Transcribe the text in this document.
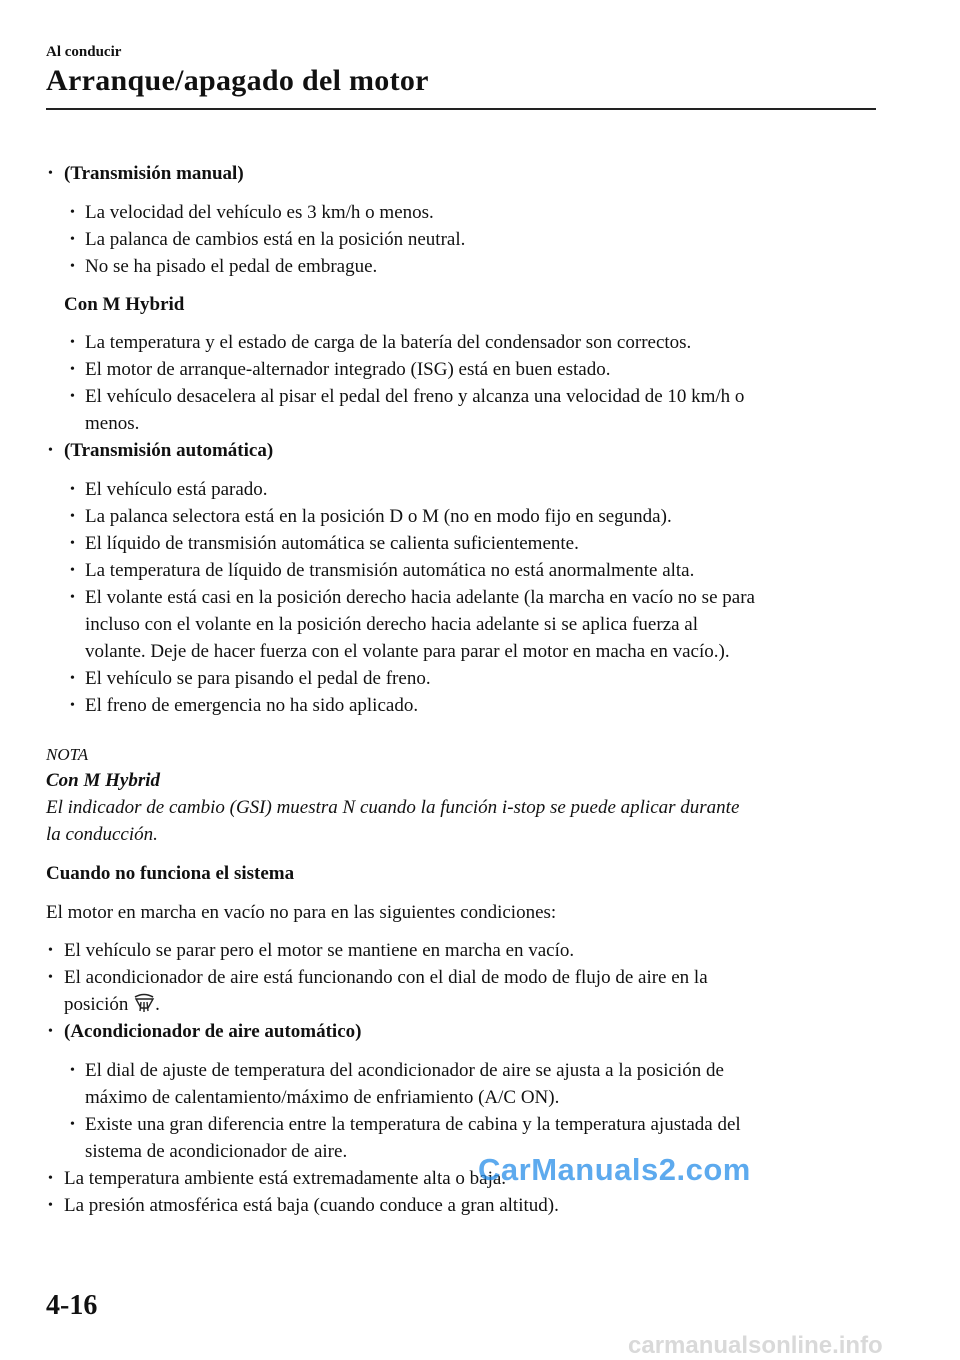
Al conducir
Arranque/apagado del motor
• (Transmisión manual)
• La velocidad del vehículo es 3 km/h o menos.
• La palanca de cambios está en la posición neutral.
• No se ha pisado el pedal de embrague.
Con M Hybrid
• La temperatura y el estado de carga de la batería del condensador son correctos.
• El motor de arranque-alternador integrado (ISG) está en buen estado.
• El vehículo desacelera al pisar el pedal del freno y alcanza una velocidad de 10 km/h o
menos.
• (Transmisión automática)
• El vehículo está parado.
• La palanca selectora está en la posición D o M (no en modo fijo en segunda).
• El líquido de transmisión automática se calienta suficientemente.
• La temperatura de líquido de transmisión automática no está anormalmente alta.
• El volante está casi en la posición derecho hacia adelante (la marcha en vacío no se para
incluso con el volante en la posición derecho hacia adelante si se aplica fuerza al
volante. Deje de hacer fuerza con el volante para parar el motor en macha en vacío.).
• El vehículo se para pisando el pedal de freno.
• El freno de emergencia no ha sido aplicado.
NOTA
Con M Hybrid
El indicador de cambio (GSI) muestra N cuando la función i-stop se puede aplicar durante
la conducción.
Cuando no funciona el sistema
El motor en marcha en vacío no para en las siguientes condiciones:
• El vehículo se parar pero el motor se mantiene en marcha en vacío.
• El acondicionador de aire está funcionando con el dial de modo de flujo de aire en la
posición .
• (Acondicionador de aire automático)
• El dial de ajuste de temperatura del acondicionador de aire se ajusta a la posición de
máximo de calentamiento/máximo de enfriamiento (A/C ON).
• Existe una gran diferencia entre la temperatura de cabina y la temperatura ajustada del
sistema de acondicionador de aire.
• La temperatura ambiente está extremadamente alta o baja.
• La presión atmosférica está baja (cuando conduce a gran altitud).
CarManuals2.com
4-16
carmanualsonline.info
